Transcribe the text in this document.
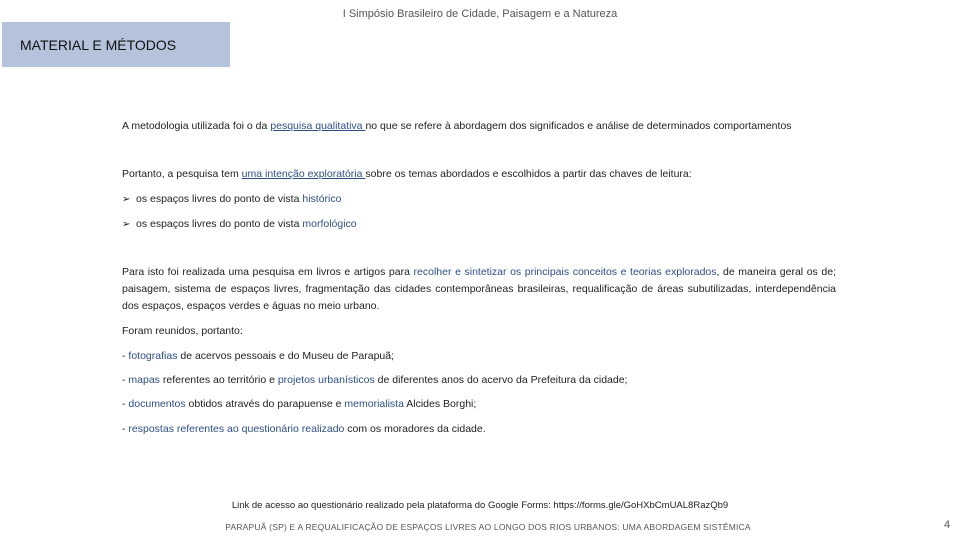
I Simpósio Brasileiro de Cidade, Paisagem e a Natureza
MATERIAL E MÉTODOS
A metodologia utilizada foi o da pesquisa qualitativa no que se refere à abordagem dos significados e análise de determinados comportamentos
Portanto, a pesquisa tem uma intenção exploratória sobre os temas abordados e escolhidos a partir das chaves de leitura:
➢ os espaços livres do ponto de vista histórico
➢ os espaços livres do ponto de vista morfológico
Para isto foi realizada uma pesquisa em livros e artigos para recolher e sintetizar os principais conceitos e teorias explorados, de maneira geral os de; paisagem, sistema de espaços livres, fragmentação das cidades contemporâneas brasileiras, requalificação de áreas subutilizadas, interdependência dos espaços, espaços verdes e águas no meio urbano.
Foram reunidos, portanto:
- fotografias de acervos pessoais e do Museu de Parapuã;
- mapas referentes ao território e projetos urbanísticos de diferentes anos do acervo da Prefeitura da cidade;
- documentos obtidos através do parapuense e memorialista Alcides Borghi;
- respostas referentes ao questionário realizado com os moradores da cidade.
Link de acesso ao questionário realizado pela plataforma do Google Forms: https://forms.gle/GoHXbCmUAL8RazQb9
PARAPUÃ (SP) E A REQUALIFICAÇÃO DE ESPAÇOS LIVRES AO LONGO DOS RIOS URBANOS: UMA ABORDAGEM SISTÊMICA	4
